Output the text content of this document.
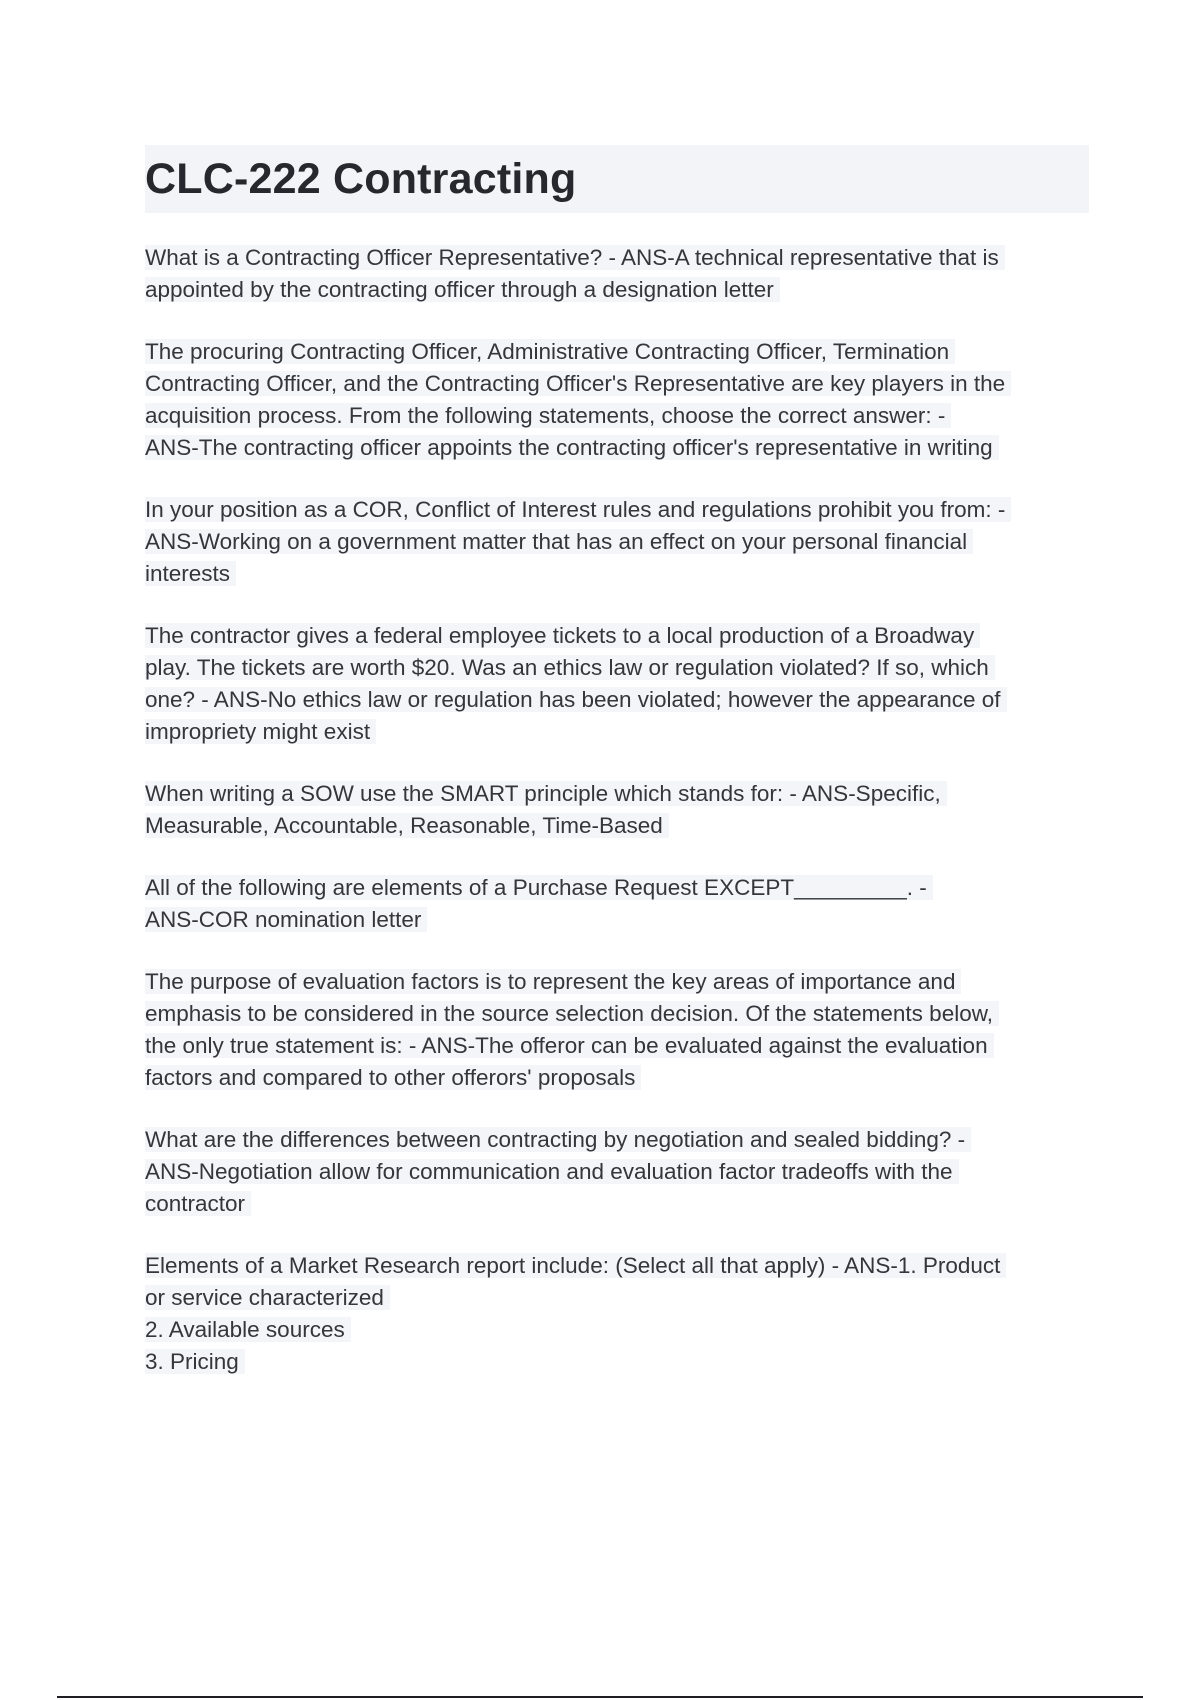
CLC-222 Contracting
What is a Contracting Officer Representative? - ANS-A technical representative that is
appointed by the contracting officer through a designation letter
The procuring Contracting Officer, Administrative Contracting Officer, Termination
Contracting Officer, and the Contracting Officer's Representative are key players in the
acquisition process. From the following statements, choose the correct answer: -
ANS-The contracting officer appoints the contracting officer's representative in writing
In your position as a COR, Conflict of Interest rules and regulations prohibit you from: -
ANS-Working on a government matter that has an effect on your personal financial
interests
The contractor gives a federal employee tickets to a local production of a Broadway
play. The tickets are worth $20. Was an ethics law or regulation violated? If so, which
one? - ANS-No ethics law or regulation has been violated; however the appearance of
impropriety might exist
When writing a SOW use the SMART principle which stands for: - ANS-Specific,
Measurable, Accountable, Reasonable, Time-Based
All of the following are elements of a Purchase Request EXCEPT_________. -
ANS-COR nomination letter
The purpose of evaluation factors is to represent the key areas of importance and
emphasis to be considered in the source selection decision. Of the statements below,
the only true statement is: - ANS-The offeror can be evaluated against the evaluation
factors and compared to other offerors' proposals
What are the differences between contracting by negotiation and sealed bidding? -
ANS-Negotiation allow for communication and evaluation factor tradeoffs with the
contractor
Elements of a Market Research report include: (Select all that apply) - ANS-1. Product
or service characterized
2. Available sources
3. Pricing
